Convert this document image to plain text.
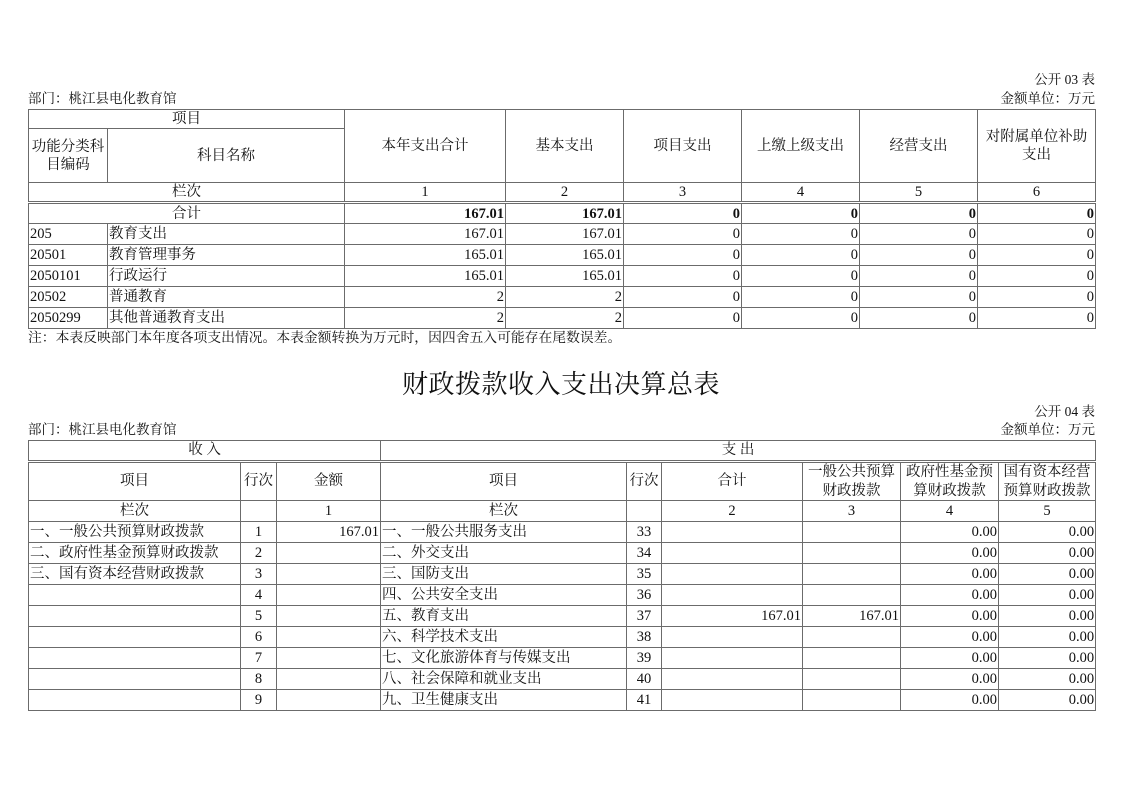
公开 03 表
部门：桃江县电化教育馆	金额单位：万元
项目		本年支出合计	基本支出	项目支出	上缴上级支出	经营支出	对附属单位补助支出
功能分类科目编码	科目名称						
栏次		1	2	3	4	5	6
合计		167.01	167.01	0	0	0	0
205	教育支出	167.01	167.01	0	0	0	0
20501	教育管理事务	165.01	165.01	0	0	0	0
2050101	行政运行	165.01	165.01	0	0	0	0
20502	普通教育	2	2	0	0	0	0
2050299	其他普通教育支出	2	2	0	0	0	0
注：本表反映部门本年度各项支出情况。本表金额转换为万元时，因四舍五入可能存在尾数误差。
财政拨款收入支出决算总表
公开 04 表
部门：桃江县电化教育馆	金额单位：万元
收 入			支 出					
项目	行次	金额	项目	行次	合计	一般公共预算财政拨款	政府性基金预算财政拨款	国有资本经营预算财政拨款
栏次		1	栏次		2	3	4	5
一、一般公共预算财政拨款	1	167.01	一、一般公共服务支出	33			0.00	0.00
二、政府性基金预算财政拨款	2		二、外交支出	34			0.00	0.00
三、国有资本经营财政拨款	3		三、国防支出	35			0.00	0.00
	4		四、公共安全支出	36			0.00	0.00
	5		五、教育支出	37	167.01	167.01	0.00	0.00
	6		六、科学技术支出	38			0.00	0.00
	7		七、文化旅游体育与传媒支出	39			0.00	0.00
	8		八、社会保障和就业支出	40			0.00	0.00
	9		九、卫生健康支出	41			0.00	0.00
